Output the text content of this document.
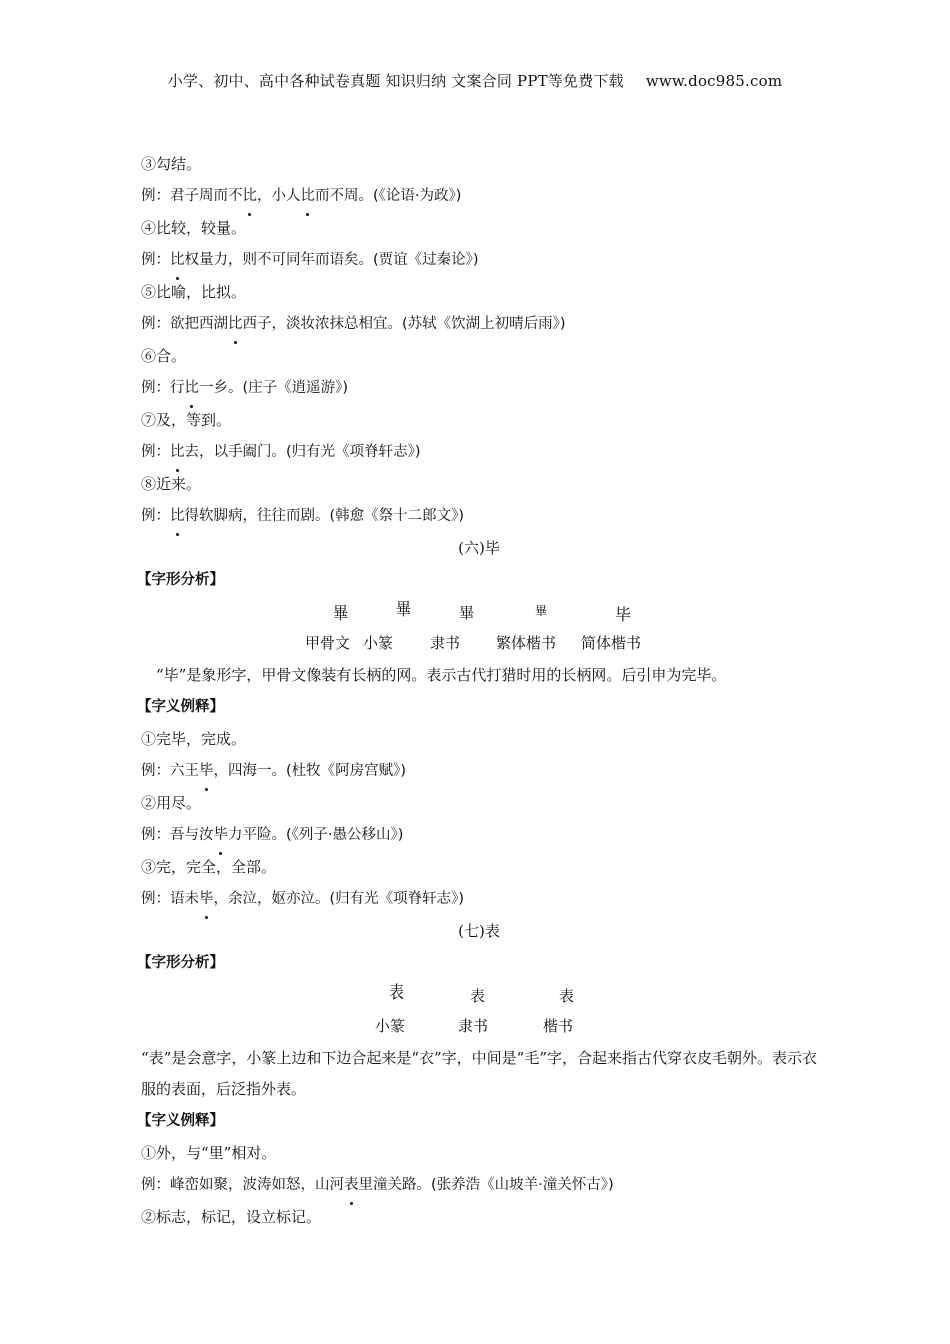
小学、初中、高中各种试卷真题 知识归纳 文案合同 PPT等免费下载 www.doc985.com
③勾结。
例：君子周而不比，小人比而不周。(《论语·为政》)
④比较，较量。
例：比权量力，则不可同年而语矣。(贾谊《过秦论》)
⑤比喻，比拟。
例：欲把西湖比西子，淡妆浓抹总相宜。(苏轼《饮湖上初晴后雨》)
⑥合。
例：行比一乡。(庄子《逍遥游》)
⑦及，等到。
例：比去，以手阖门。(归有光《项脊轩志》)
⑧近来。
例：比得软脚病，往往而剧。(韩愈《祭十二郎文》)
(六)毕
【字形分析】
畢	畢	畢	畢	毕
甲骨文 小篆 隶书 繁体楷书 简体楷书
“毕”是象形字，甲骨文像装有长柄的网。表示古代打猎时用的长柄网。后引申为完毕。
【字义例释】
①完毕，完成。
例：六王毕，四海一。(杜牧《阿房宫赋》)
②用尽。
例：吾与汝毕力平险。(《列子·愚公移山》)
③完，完全，全部。
例：语未毕，余泣，妪亦泣。(归有光《项脊轩志》)
(七)表
【字形分析】
表	表	表
小篆	隶书	楷书
“表”是会意字，小篆上边和下边合起来是“衣”字，中间是“毛”字，合起来指古代穿衣皮毛朝外。表示衣服的表面，后泛指外表。
【字义例释】
①外，与“里”相对。
例：峰峦如聚，波涛如怒，山河表里潼关路。(张养浩《山坡羊·潼关怀古》)
②标志，标记，设立标记。
